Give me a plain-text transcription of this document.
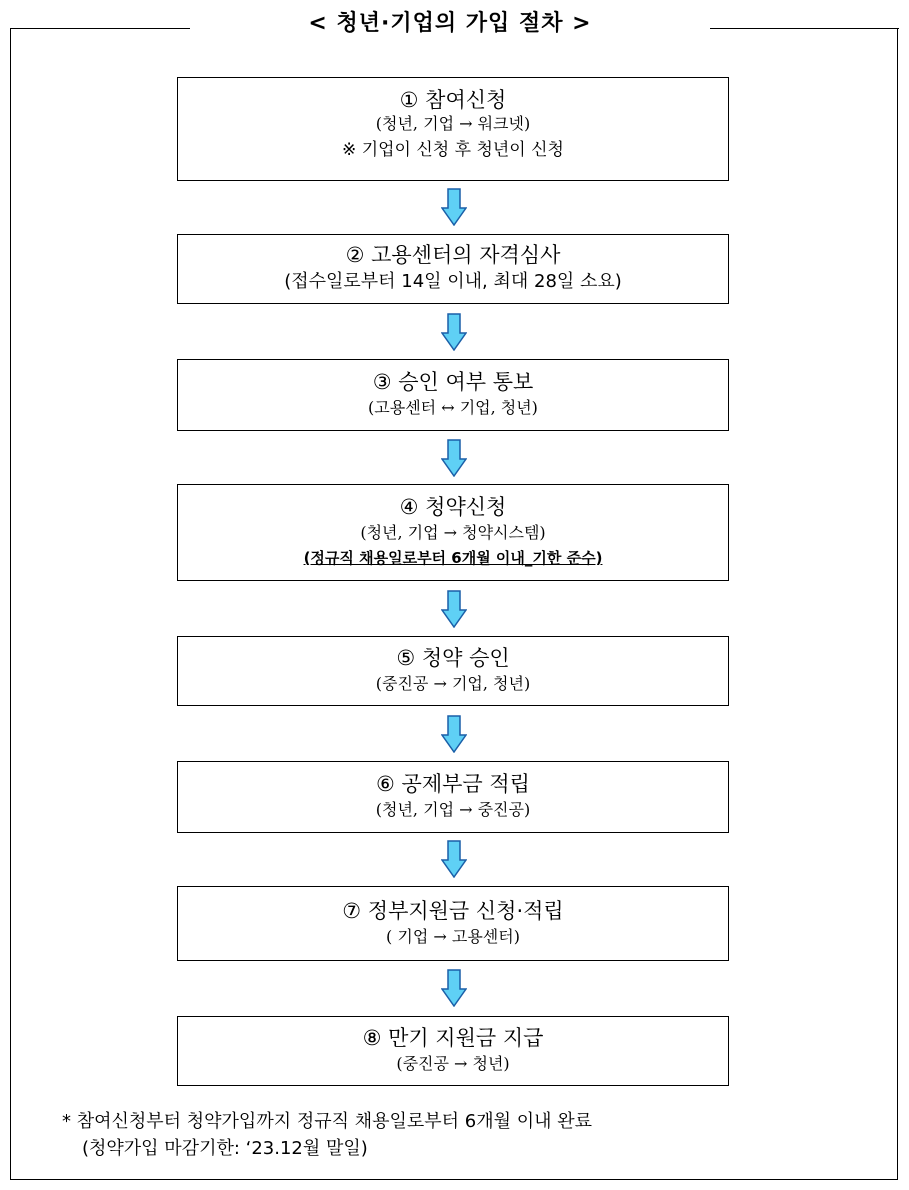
< 청년·기업의 가입 절차 >
① 참여신청
(청년, 기업 → 워크넷)
※ 기업이 신청 후 청년이 신청
② 고용센터의 자격심사
(접수일로부터 14일 이내, 최대 28일 소요)
③ 승인 여부 통보
(고용센터 ↔ 기업, 청년)
④ 청약신청
(청년, 기업 → 청약시스템)
(정규직 채용일로부터 6개월 이내_기한 준수)
⑤ 청약 승인
(중진공 → 기업, 청년)
⑥ 공제부금 적립
(청년, 기업 → 중진공)
⑦ 정부지원금 신청·적립
( 기업 → 고용센터)
⑧ 만기 지원금 지급
(중진공 → 청년)
* 참여신청부터 청약가입까지 정규직 채용일로부터 6개월 이내 완료
(청약가입 마감기한: ‘23.12월 말일)
